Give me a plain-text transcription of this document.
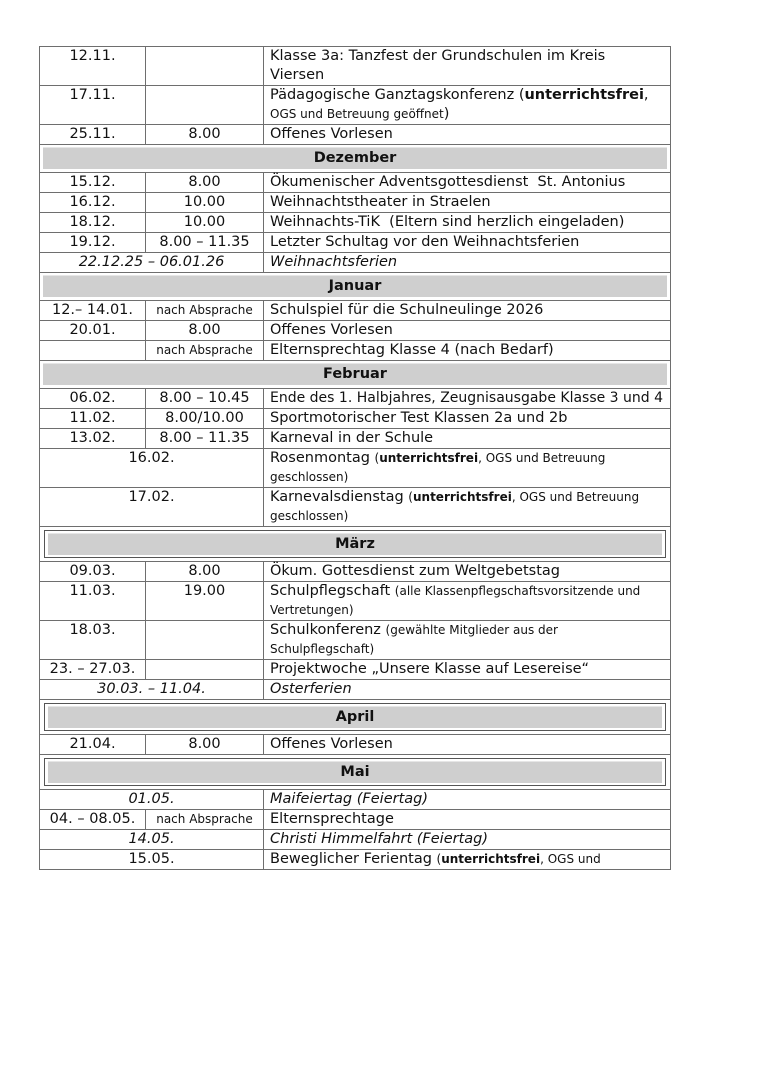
12.11.		Klasse 3a: Tanzfest der Grundschulen im Kreis Viersen
17.11.		Pädagogische Ganztagskonferenz (unterrichtsfrei,
OGS und Betreuung geöffnet)
25.11.	8.00	Offenes Vorlesen

Dezember		

15.12.	8.00	Ökumenischer Adventsgottesdienst  St. Antonius
16.12.	10.00	Weihnachtstheater in Straelen
18.12.	10.00	Weihnachts-TiK  (Eltern sind herzlich eingeladen)
19.12.	8.00 – 11.35	Letzter Schultag vor den Weihnachtsferien
22.12.25 – 06.01.26		Weihnachtsferien

Januar		

12.– 14.01.	nach Absprache	Schulspiel für die Schulneulinge 2026
20.01.	8.00	Offenes Vorlesen
	nach Absprache	Elternsprechtag Klasse 4 (nach Bedarf)

Februar		

06.02.	8.00 – 10.45	Ende des 1. Halbjahres, Zeugnisausgabe Klasse 3 und 4
11.02.	8.00/10.00	Sportmotorischer Test Klassen 2a und 2b
13.02.	8.00 – 11.35	Karneval in der Schule
16.02.		Rosenmontag (unterrichtsfrei, OGS und Betreuung geschlossen)
17.02.		Karnevalsdienstag (unterrichtsfrei, OGS und Betreuung geschlossen)

März		

09.03.	8.00	Ökum. Gottesdienst zum Weltgebetstag
11.03.	19.00	Schulpflegschaft (alle Klassenpflegschaftsvorsitzende und Vertretungen)
18.03.		Schulkonferenz (gewählte Mitglieder aus der Schulpflegschaft)
23. – 27.03.		Projektwoche „Unsere Klasse auf Lesereise“
30.03. – 11.04.		Osterferien

April		

21.04.	8.00	Offenes Vorlesen

Mai		

01.05.		Maifeiertag (Feiertag)
04. – 08.05.	nach Absprache	Elternsprechtage
14.05.		Christi Himmelfahrt (Feiertag)
15.05.		Beweglicher Ferientag (unterrichtsfrei, OGS und
